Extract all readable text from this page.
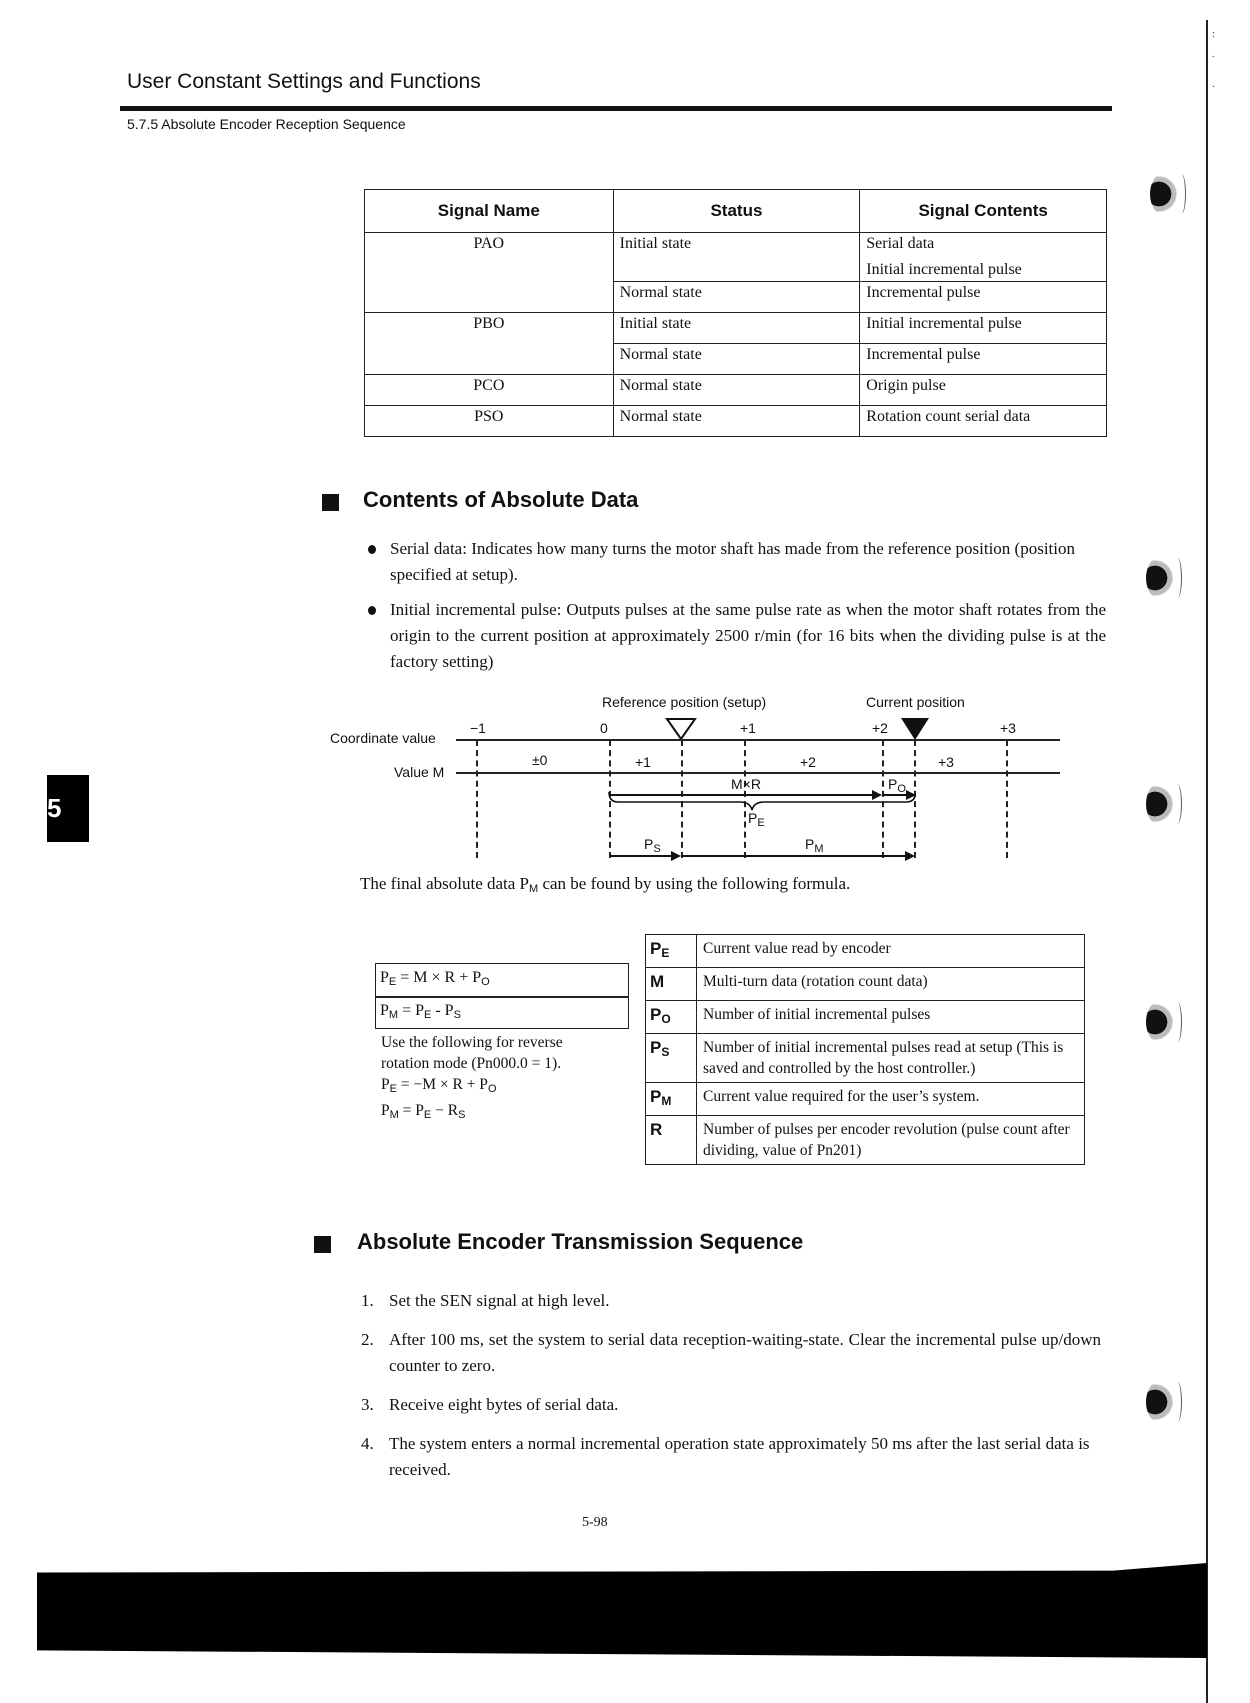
User Constant Settings and Functions
5.7.5 Absolute Encoder Reception Sequence
:

.

.
5
Signal Name	Status	Signal Contents
PAO	Initial state	Serial data
Initial incremental pulse

	Normal state	Incremental pulse
PBO	Initial state	Initial incremental pulse
	Normal state	Incremental pulse
PCO	Normal state	Origin pulse
PSO	Normal state	Rotation count serial data
Contents of Absolute Data
Serial data: Indicates how many turns the motor shaft has made from the reference position (position specified at setup).
Initial incremental pulse: Outputs pulses at the same pulse rate as when the motor shaft rotates from the origin to the current position at approximately 2500 r/min (for 16 bits when the dividing pulse is at the factory setting)
Reference position (setup)	Current position
−1	0	+1	+2	+3
Coordinate value
±0	+1	+2	+3
Value M
M×R	$P_O$
$P_E$
$P_S$	$P_M$
The final absolute data $P_M$ can be found by using the following formula.
$P_E = M \times R + P_O$
$P_M = P_E - P_S$
Use the following for reverse
rotation mode (Pn000.0 = 1).
$P_E = -M \times R + P_O$
$P_M = P_E - R_S$
$P_E$	Current value read by encoder
M	Multi-turn data (rotation count data)
$P_O$	Number of initial incremental pulses
$P_S$	Number of initial incremental pulses read at setup (This is saved and controlled by the host controller.)
$P_M$	Current value required for the user’s system.
R	Number of pulses per encoder revolution (pulse count after dividing, value of Pn201)
Absolute Encoder Transmission Sequence
1. Set the SEN signal at high level.
2. After 100 ms, set the system to serial data reception-waiting-state. Clear the incremental pulse up/down counter to zero.
3. Receive eight bytes of serial data.
4. The system enters a normal incremental operation state approximately 50 ms after the last serial data is received.
5-98
